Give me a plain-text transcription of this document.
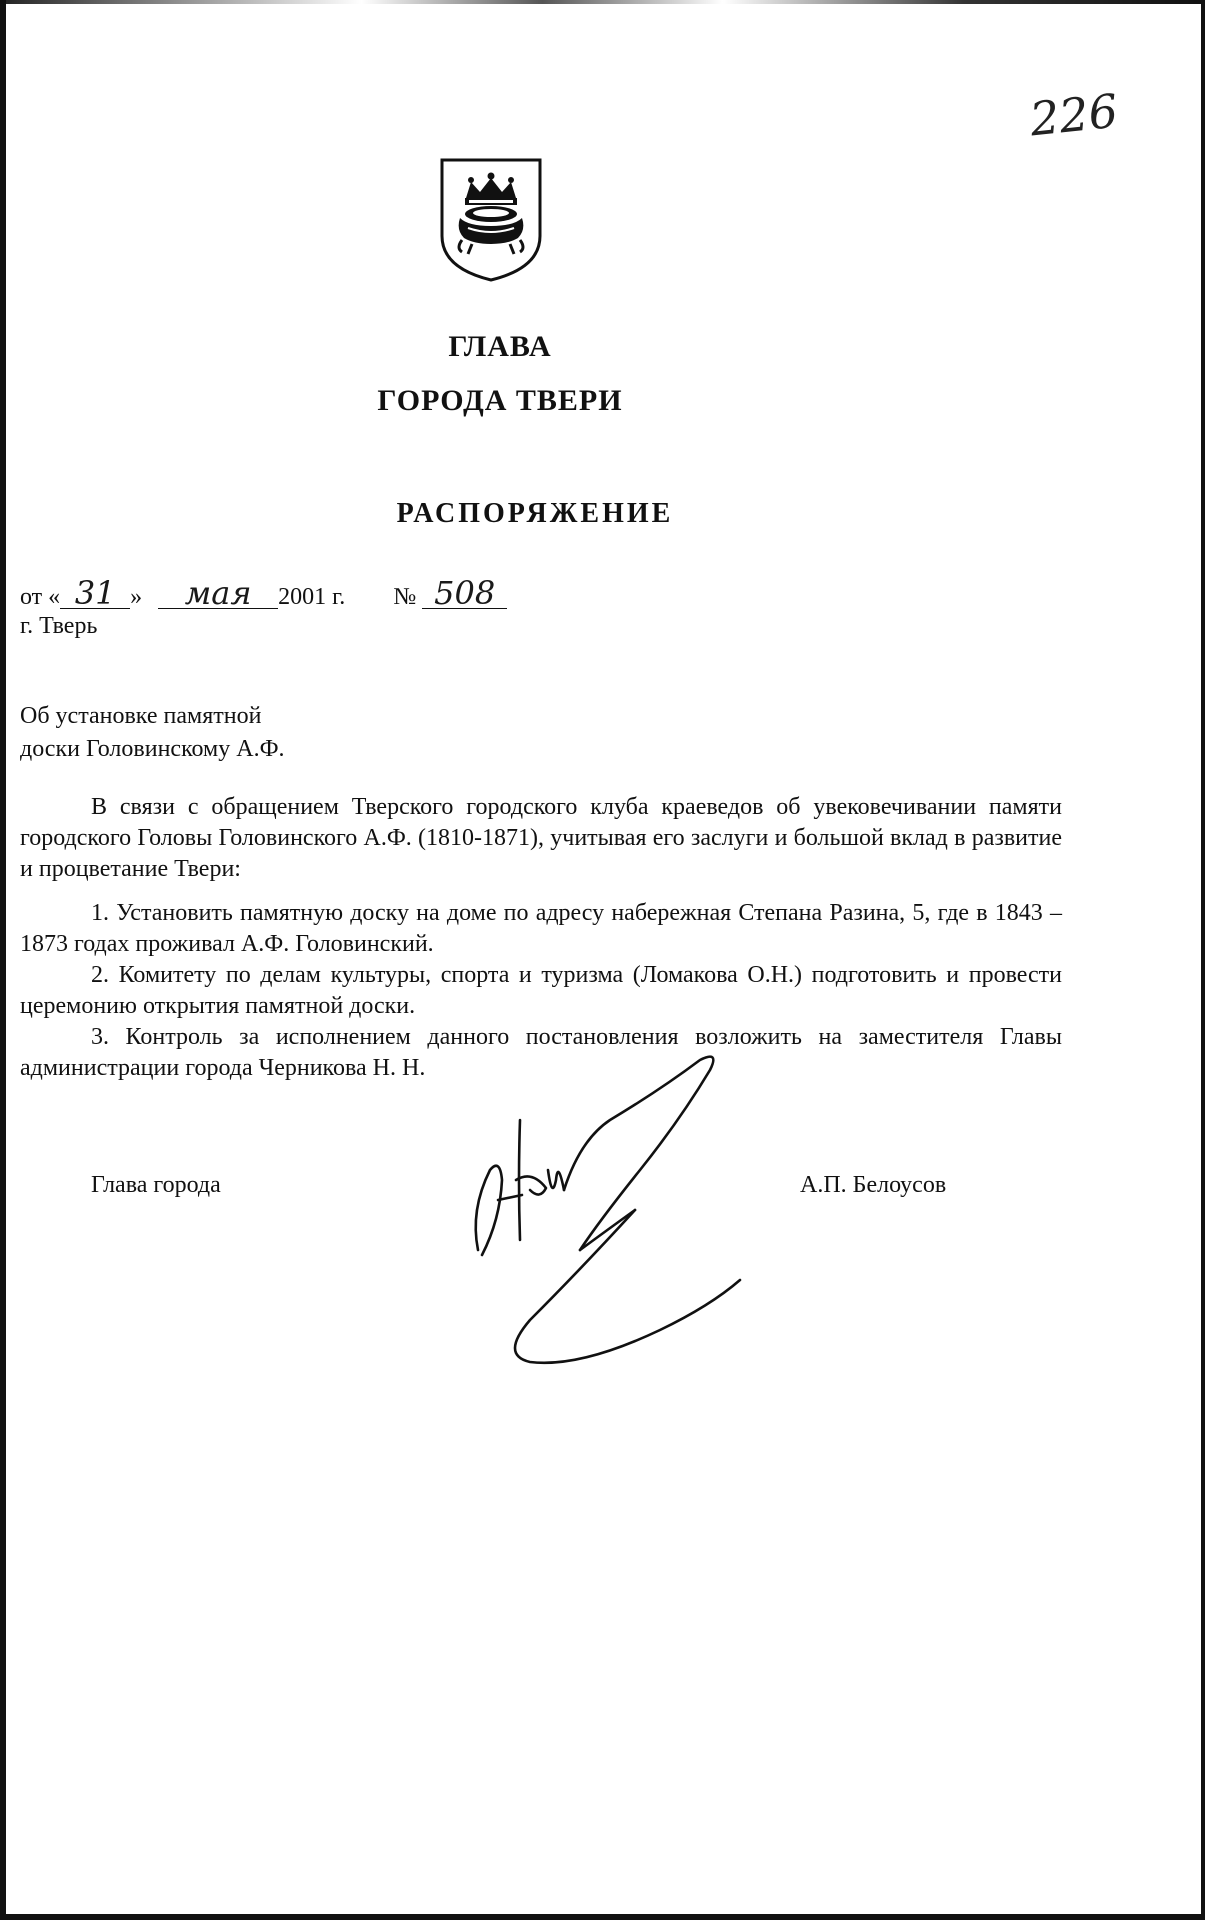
226
ГЛАВА
ГОРОДА ТВЕРИ
РАСПОРЯЖЕНИЕ
от « 31 » мая 2001 г. № 508
г. Тверь
Об установке памятной
доски Головинскому А.Ф.

В связи с обращением Тверского городского клуба краеведов об увековечивании памяти городского Головы Головинского А.Ф. (1810-1871), учитывая его заслуги и большой вклад в развитие и процветание Твери:

1. Установить памятную доску на доме по адресу набережная Степана Разина, 5, где в 1843 – 1873 годах проживал А.Ф. Головинский.

2. Комитету по делам культуры, спорта и туризма (Ломакова О.Н.) подготовить и провести церемонию открытия памятной доски.

3. Контроль за исполнением данного постановления возложить на заместителя Главы администрации города Черникова Н. Н.

Глава города	А.П. Белоусов
